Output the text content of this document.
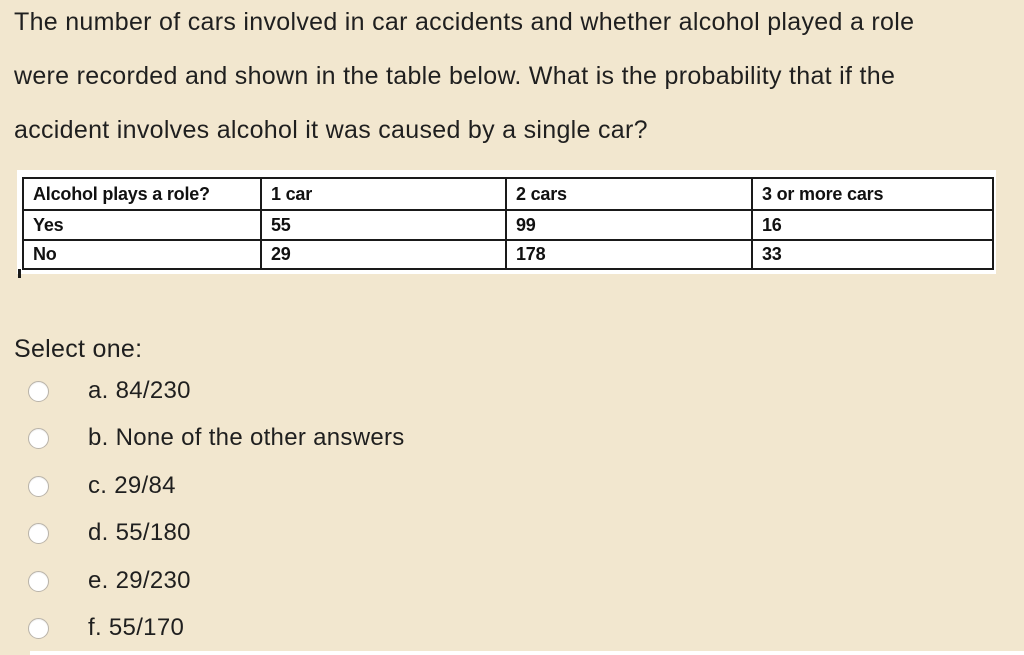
The number of cars involved in car accidents and whether alcohol played a role
were recorded and shown in the table below. What is the probability that if the
accident involves alcohol it was caused by a single car?
Alcohol plays a role?	1 car	2 cars	3 or more cars
Yes	55	99	16
No	29	178	33
Select one:
a. 84/230
b. None of the other answers
c. 29/84
d. 55/180
e. 29/230
f. 55/170
